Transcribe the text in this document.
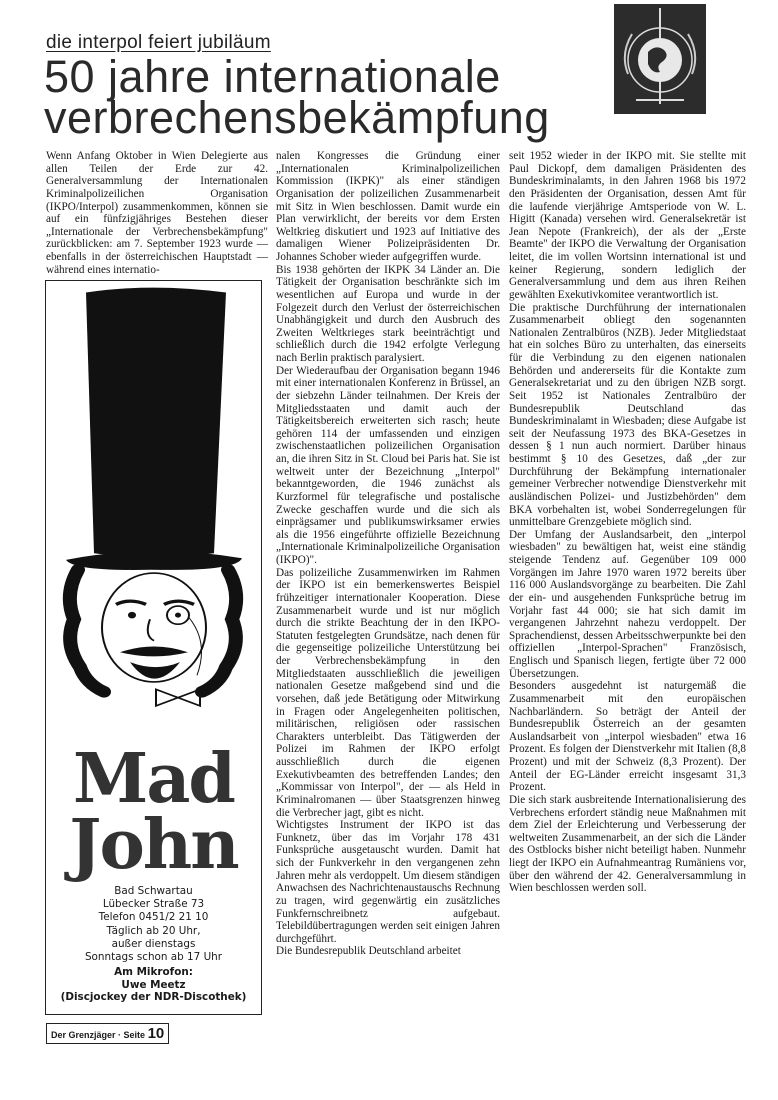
die interpol feiert jubiläum
50 jahre internationale
verbrechensbekämpfung

Wenn Anfang Oktober in Wien Delegierte aus allen Teilen der Erde zur 42. Generalversammlung der Internationalen Kriminalpolizeilichen Organisation (IKPO/Interpol) zusammenkommen, können sie auf ein fünfzigjähriges Bestehen dieser „Internationale der Verbrechensbekämpfung" zurückblicken: am 7. September 1923 wurde — ebenfalls in der österreichischen Hauptstadt — während eines internatio-

Mad
John
Bad Schwartau
Lübecker Straße 73
Telefon 0451/2 21 10
Täglich ab 20 Uhr,
außer dienstags
Sonntags schon ab 17 Uhr
Am Mikrofon:
Uwe Meetz
(Discjockey der NDR-Discothek)
Der Grenzjäger · Seite 10

nalen Kongresses die Gründung einer „Internationalen Kriminalpolizeilichen Kommission (IKPK)" als einer ständigen Organisation der polizeilichen Zusammenarbeit mit Sitz in Wien beschlossen. Damit wurde ein Plan verwirklicht, der bereits vor dem Ersten Weltkrieg diskutiert und 1923 auf Initiative des damaligen Wiener Polizeipräsidenten Dr. Johannes Schober wieder aufgegriffen wurde.

Bis 1938 gehörten der IKPK 34 Länder an. Die Tätigkeit der Organisation beschränkte sich im wesentlichen auf Europa und wurde in der Folgezeit durch den Verlust der österreichischen Unabhängigkeit und durch den Ausbruch des Zweiten Weltkrieges stark beeinträchtigt und schließlich durch die 1942 erfolgte Verlegung nach Berlin praktisch paralysiert.

Der Wiederaufbau der Organisation begann 1946 mit einer internationalen Konferenz in Brüssel, an der siebzehn Länder teilnahmen. Der Kreis der Mitgliedsstaaten und damit auch der Tätigkeitsbereich erweiterten sich rasch; heute gehören 114 der umfassenden und einzigen zwischenstaatlichen polizeilichen Organisation an, die ihren Sitz in St. Cloud bei Paris hat. Sie ist weltweit unter der Bezeichnung „Interpol" bekanntgeworden, die 1946 zunächst als Kurzformel für telegrafische und postalische Zwecke geschaffen wurde und die sich als einprägsamer und publikumswirksamer erwies als die 1956 eingeführte offizielle Bezeichnung „Internationale Kriminalpolizeiliche Organisation (IKPO)".

Das polizeiliche Zusammenwirken im Rahmen der IKPO ist ein bemerkenswertes Beispiel frühzeitiger internationaler Kooperation. Diese Zusammenarbeit wurde und ist nur möglich durch die strikte Beachtung der in den IKPO-Statuten festgelegten Grundsätze, nach denen für die gegenseitige polizeiliche Unterstützung bei der Verbrechensbekämpfung in den Mitgliedstaaten ausschließlich die jeweiligen nationalen Gesetze maßgebend sind und die vorsehen, daß jede Betätigung oder Mitwirkung in Fragen oder Angelegenheiten politischen, militärischen, religiösen oder rassischen Charakters unterbleibt. Das Tätigwerden der Polizei im Rahmen der IKPO erfolgt ausschließlich durch die eigenen Exekutivbeamten des betreffenden Landes; den „Kommissar von Interpol", der — als Held in Kriminalromanen — über Staatsgrenzen hinweg die Verbrecher jagt, gibt es nicht.

Wichtigstes Instrument der IKPO ist das Funknetz, über das im Vorjahr 178 431 Funksprüche ausgetauscht wurden. Damit hat sich der Funkverkehr in den vergangenen zehn Jahren mehr als verdoppelt. Um diesem ständigen Anwachsen des Nachrichtenaustauschs Rechnung zu tragen, wird gegenwärtig ein zusätzliches Funkfernschreibnetz aufgebaut. Telebildübertragungen werden seit einigen Jahren durchgeführt.

Die Bundesrepublik Deutschland arbeitet

seit 1952 wieder in der IKPO mit. Sie stellte mit Paul Dickopf, dem damaligen Präsidenten des Bundeskriminalamts, in den Jahren 1968 bis 1972 den Präsidenten der Organisation, dessen Amt für die laufende vierjährige Amtsperiode von W. L. Higitt (Kanada) versehen wird. Generalsekretär ist Jean Nepote (Frankreich), der als der „Erste Beamte" der IKPO die Verwaltung der Organisation leitet, die im vollen Wortsinn international ist und keiner Regierung, sondern lediglich der Generalversammlung und dem aus ihren Reihen gewählten Exekutivkomitee verantwortlich ist.

Die praktische Durchführung der internationalen Zusammenarbeit obliegt den sogenannten Nationalen Zentralbüros (NZB). Jeder Mitgliedstaat hat ein solches Büro zu unterhalten, das einerseits für die Verbindung zu den eigenen nationalen Behörden und andererseits für die Kontakte zum Generalsekretariat und zu den übrigen NZB sorgt. Seit 1952 ist Nationales Zentralbüro der Bundesrepublik Deutschland das Bundeskriminalamt in Wiesbaden; diese Aufgabe ist seit der Neufassung 1973 des BKA-Gesetzes in dessen § 1 nun auch normiert. Darüber hinaus bestimmt § 10 des Gesetzes, daß „der zur Durchführung der Bekämpfung internationaler gemeiner Verbrecher notwendige Dienstverkehr mit ausländischen Polizei- und Justizbehörden" dem BKA vorbehalten ist, wobei Sonderregelungen für unmittelbare Grenzgebiete möglich sind.

Der Umfang der Auslandsarbeit, den „interpol wiesbaden" zu bewältigen hat, weist eine ständig steigende Tendenz auf. Gegenüber 109 000 Vorgängen im Jahre 1970 waren 1972 bereits über 116 000 Auslandsvorgänge zu bearbeiten. Die Zahl der ein- und ausgehenden Funksprüche betrug im Vorjahr fast 44 000; sie hat sich damit im vergangenen Jahrzehnt nahezu verdoppelt. Der Sprachendienst, dessen Arbeitsschwerpunkte bei den offiziellen „Interpol-Sprachen" Französisch, Englisch und Spanisch liegen, fertigte über 72 000 Übersetzungen.

Besonders ausgedehnt ist naturgemäß die Zusammenarbeit mit den europäischen Nachbarländern. So beträgt der Anteil der Bundesrepublik Österreich an der gesamten Auslandsarbeit von „interpol wiesbaden" etwa 16 Prozent. Es folgen der Dienstverkehr mit Italien (8,8 Prozent) und mit der Schweiz (8,3 Prozent). Der Anteil der EG-Länder erreicht insgesamt 31,3 Prozent.

Die sich stark ausbreitende Internationalisierung des Verbrechens erfordert ständig neue Maßnahmen mit dem Ziel der Erleichterung und Verbesserung der weltweiten Zusammenarbeit, an der sich die Länder des Ostblocks bisher nicht beteiligt haben. Nunmehr liegt der IKPO ein Aufnahmeantrag Rumäniens vor, über den während der 42. Generalversammlung in Wien beschlossen werden soll.
